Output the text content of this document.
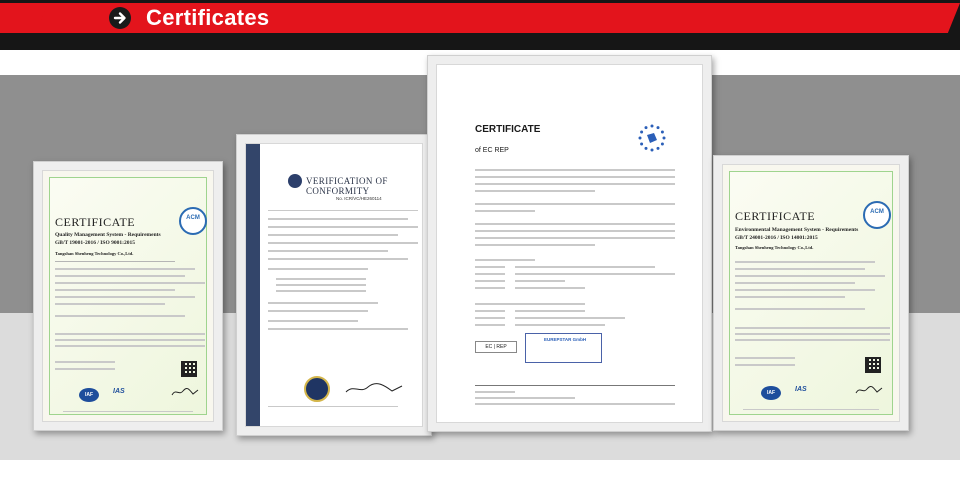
Certificates
CERTIFICATE	ACM
Quality Management System - Requirements
GB/T 19001-2016 / ISO 9001:2015
Tangshan Shenheng Technology Co.,Ltd.
IAF	IAS
VERIFICATION OF CONFORMITY
No. ICR/VC/HE260114
CERTIFICATE
of EC REP
EC | REP
EUREPSTAR GmbH
CERTIFICATE	ACM
Environmental Management System - Requirements
GB/T 24001-2016 / ISO 14001:2015
Tangshan Shenheng Technology Co.,Ltd.
IAF	IAS
